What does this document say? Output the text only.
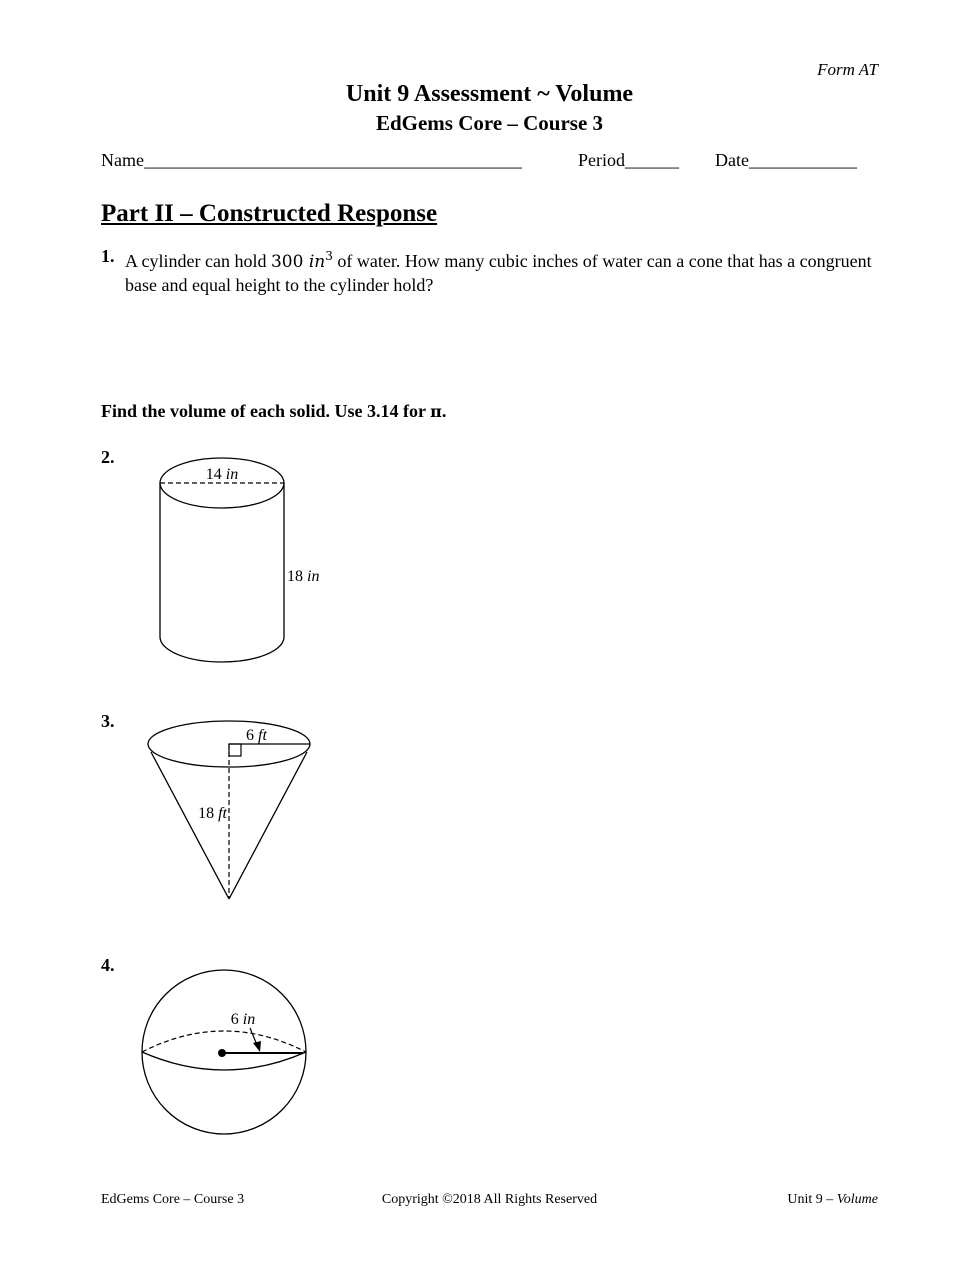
Form AT
Unit 9 Assessment ~ Volume
EdGems Core – Course 3
Name__________________________________________	Period______ Date____________
Part II – Constructed Response
1. A cylinder can hold 300 $in^3$ of water. How many cubic inches of water can a cone that has a congruent base and equal height to the cylinder hold?
Find the volume of each solid. Use 3.14 for π.
2.
3.
4.
14 in
18 in
6 ft
18 ft
6 in
EdGems Core – Course 3	Copyright ©2018 All Rights Reserved	Unit 9 – Volume
